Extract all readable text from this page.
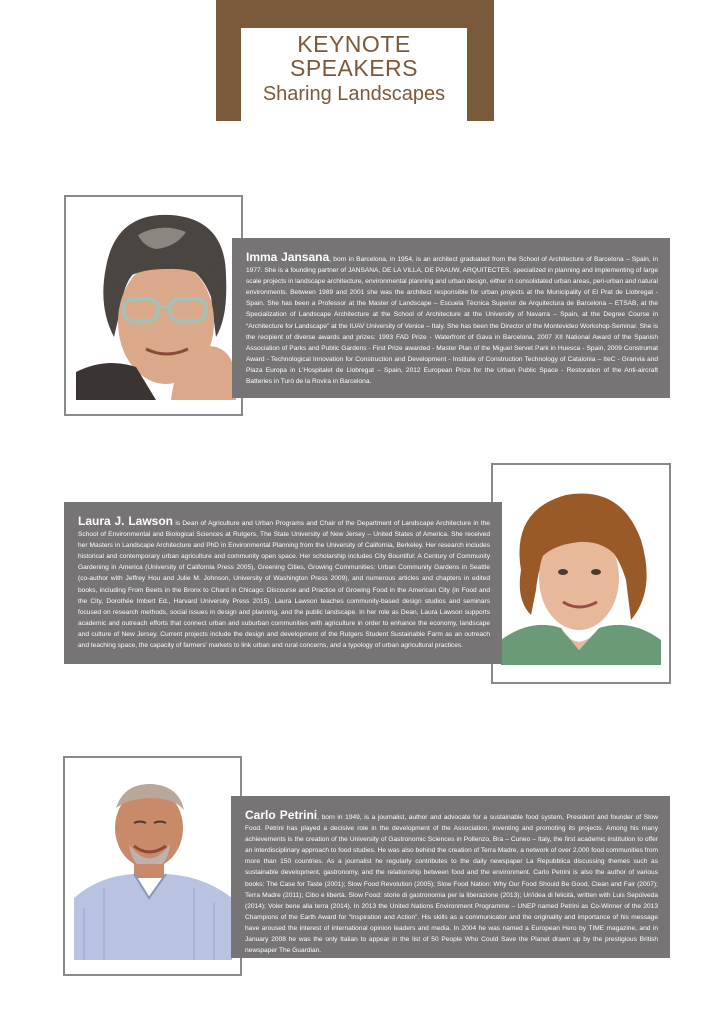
KEYNOTE
SPEAKERS
Sharing Landscapes
Imma Jansana, born in Barcelona, in 1954, is an architect graduated from the School of Architecture of Barcelona – Spain, in 1977. She is a founding partner of JANSANA, DE LA VILLA, DE PAAUW, ARQUITECTES, specialized in planning and implementing of large scale projects in landscape architecture, environmental planning and urban design, either in consolidated urban areas, peri-urban and natural environments. Between 1989 and 2001 she was the architect responsible for urban projects at the Municipality of El Prat de Llobregat - Spain. She has been a Professor at the Master of Landscape – Escuela Tècnica Superior de Arquitectura de Barcelona – ETSAB, at the Specialization of Landscape Architecture at the School of Architecture at the University of Navarra – Spain, at the Degree Course in “Architecture for Landscape” at the IUAV University of Venice – Italy. She has been the Director of the Montevideo Workshop-Seminar. She is the recipient of diverse awards and prizes: 1993 FAD Prize - Waterfront of Gava in Barcelona, 2007 XII National Award of the Spanish Association of Parks and Public Gardens - First Prize awarded - Master Plan of the Miguel Servet Park in Huesca - Spain, 2009 Construmat Award - Technological Innovation for Construction and Development - Institute of Construction Technology of Catalonia – IteC - Granvia and Plaza Europa in L'Hospitalet de Llobregat – Spain, 2012 European Prize for the Urban Public Space - Restoration of the Anti-aircraft Batteries in Turó de la Rovira in Barcelona.
Laura J. Lawson is Dean of Agriculture and Urban Programs and Chair of the Department of Landscape Architecture in the School of Environmental and Biological Sciences at Rutgers, The State University of New Jersey – United States of America. She received her Masters in Landscape Architecture and PhD in Environmental Planning from the University of California, Berkeley. Her research includes historical and contemporary urban agriculture and community open space. Her scholarship includes City Bountiful: A Century of Community Gardening in America (University of California Press 2005), Greening Cities, Growing Communities: Urban Community Gardens in Seattle (co-author with Jeffrey Hou and Julie M. Johnson, University of Washington Press 2009), and numerous articles and chapters in edited books, including From Beets in the Bronx to Chard in Chicago: Discourse and Practice of Growing Food in the American City (in Food and the City, Dorothée Imbert Ed., Harvard University Press 2015). Laura Lawson teaches community-based design studios and seminars focused on research methods, social issues in design and planning, and the public landscape. In her role as Dean, Laura Lawson supports academic and outreach efforts that connect urban and suburban communities with agriculture in order to enhance the economy, landscape and culture of New Jersey. Current projects include the design and development of the Rutgers Student Sustainable Farm as an outreach and teaching space, the capacity of farmers' markets to link urban and rural concerns, and a typology of urban agricultural practices.
Carlo Petrini, born in 1949, is a journalist, author and advocate for a sustainable food system, President and founder of Slow Food. Petrini has played a decisive role in the development of the Association, inventing and promoting its projects. Among his many achievements is the creation of the University of Gastronomic Sciences in Pollenzo, Bra – Cuneo – Italy, the first academic institution to offer an interdisciplinary approach to food studies. He was also behind the creation of Terra Madre, a network of over 2,000 food communities from more than 150 countries. As a journalist he regularly contributes to the daily newspaper La Repubblica discussing themes such as sustainable development, gastronomy, and the relationship between food and the environment. Carlo Petrini is also the author of various books: The Case for Taste (2001); Slow Food Revolution (2005); Slow Food Nation: Why Our Food Should Be Good, Clean and Fair (2007); Terra Madre (2011); Cibo e libertà. Slow Food: storie di gastronomia per la liberazione (2013); Un'idea di felicità, written with Luis Sepúlveda (2014); Voler bene alla terra (2014). In 2013 the United Nations Environment Programme – UNEP named Petrini as Co-Winner of the 2013 Champions of the Earth Award for “Inspiration and Action”. His skills as a communicator and the originality and importance of his message have aroused the interest of international opinion leaders and media. In 2004 he was named a European Hero by TIME magazine, and in January 2008 he was the only Italian to appear in the list of 50 People Who Could Save the Planet drawn up by the prestigious British newspaper The Guardian.
